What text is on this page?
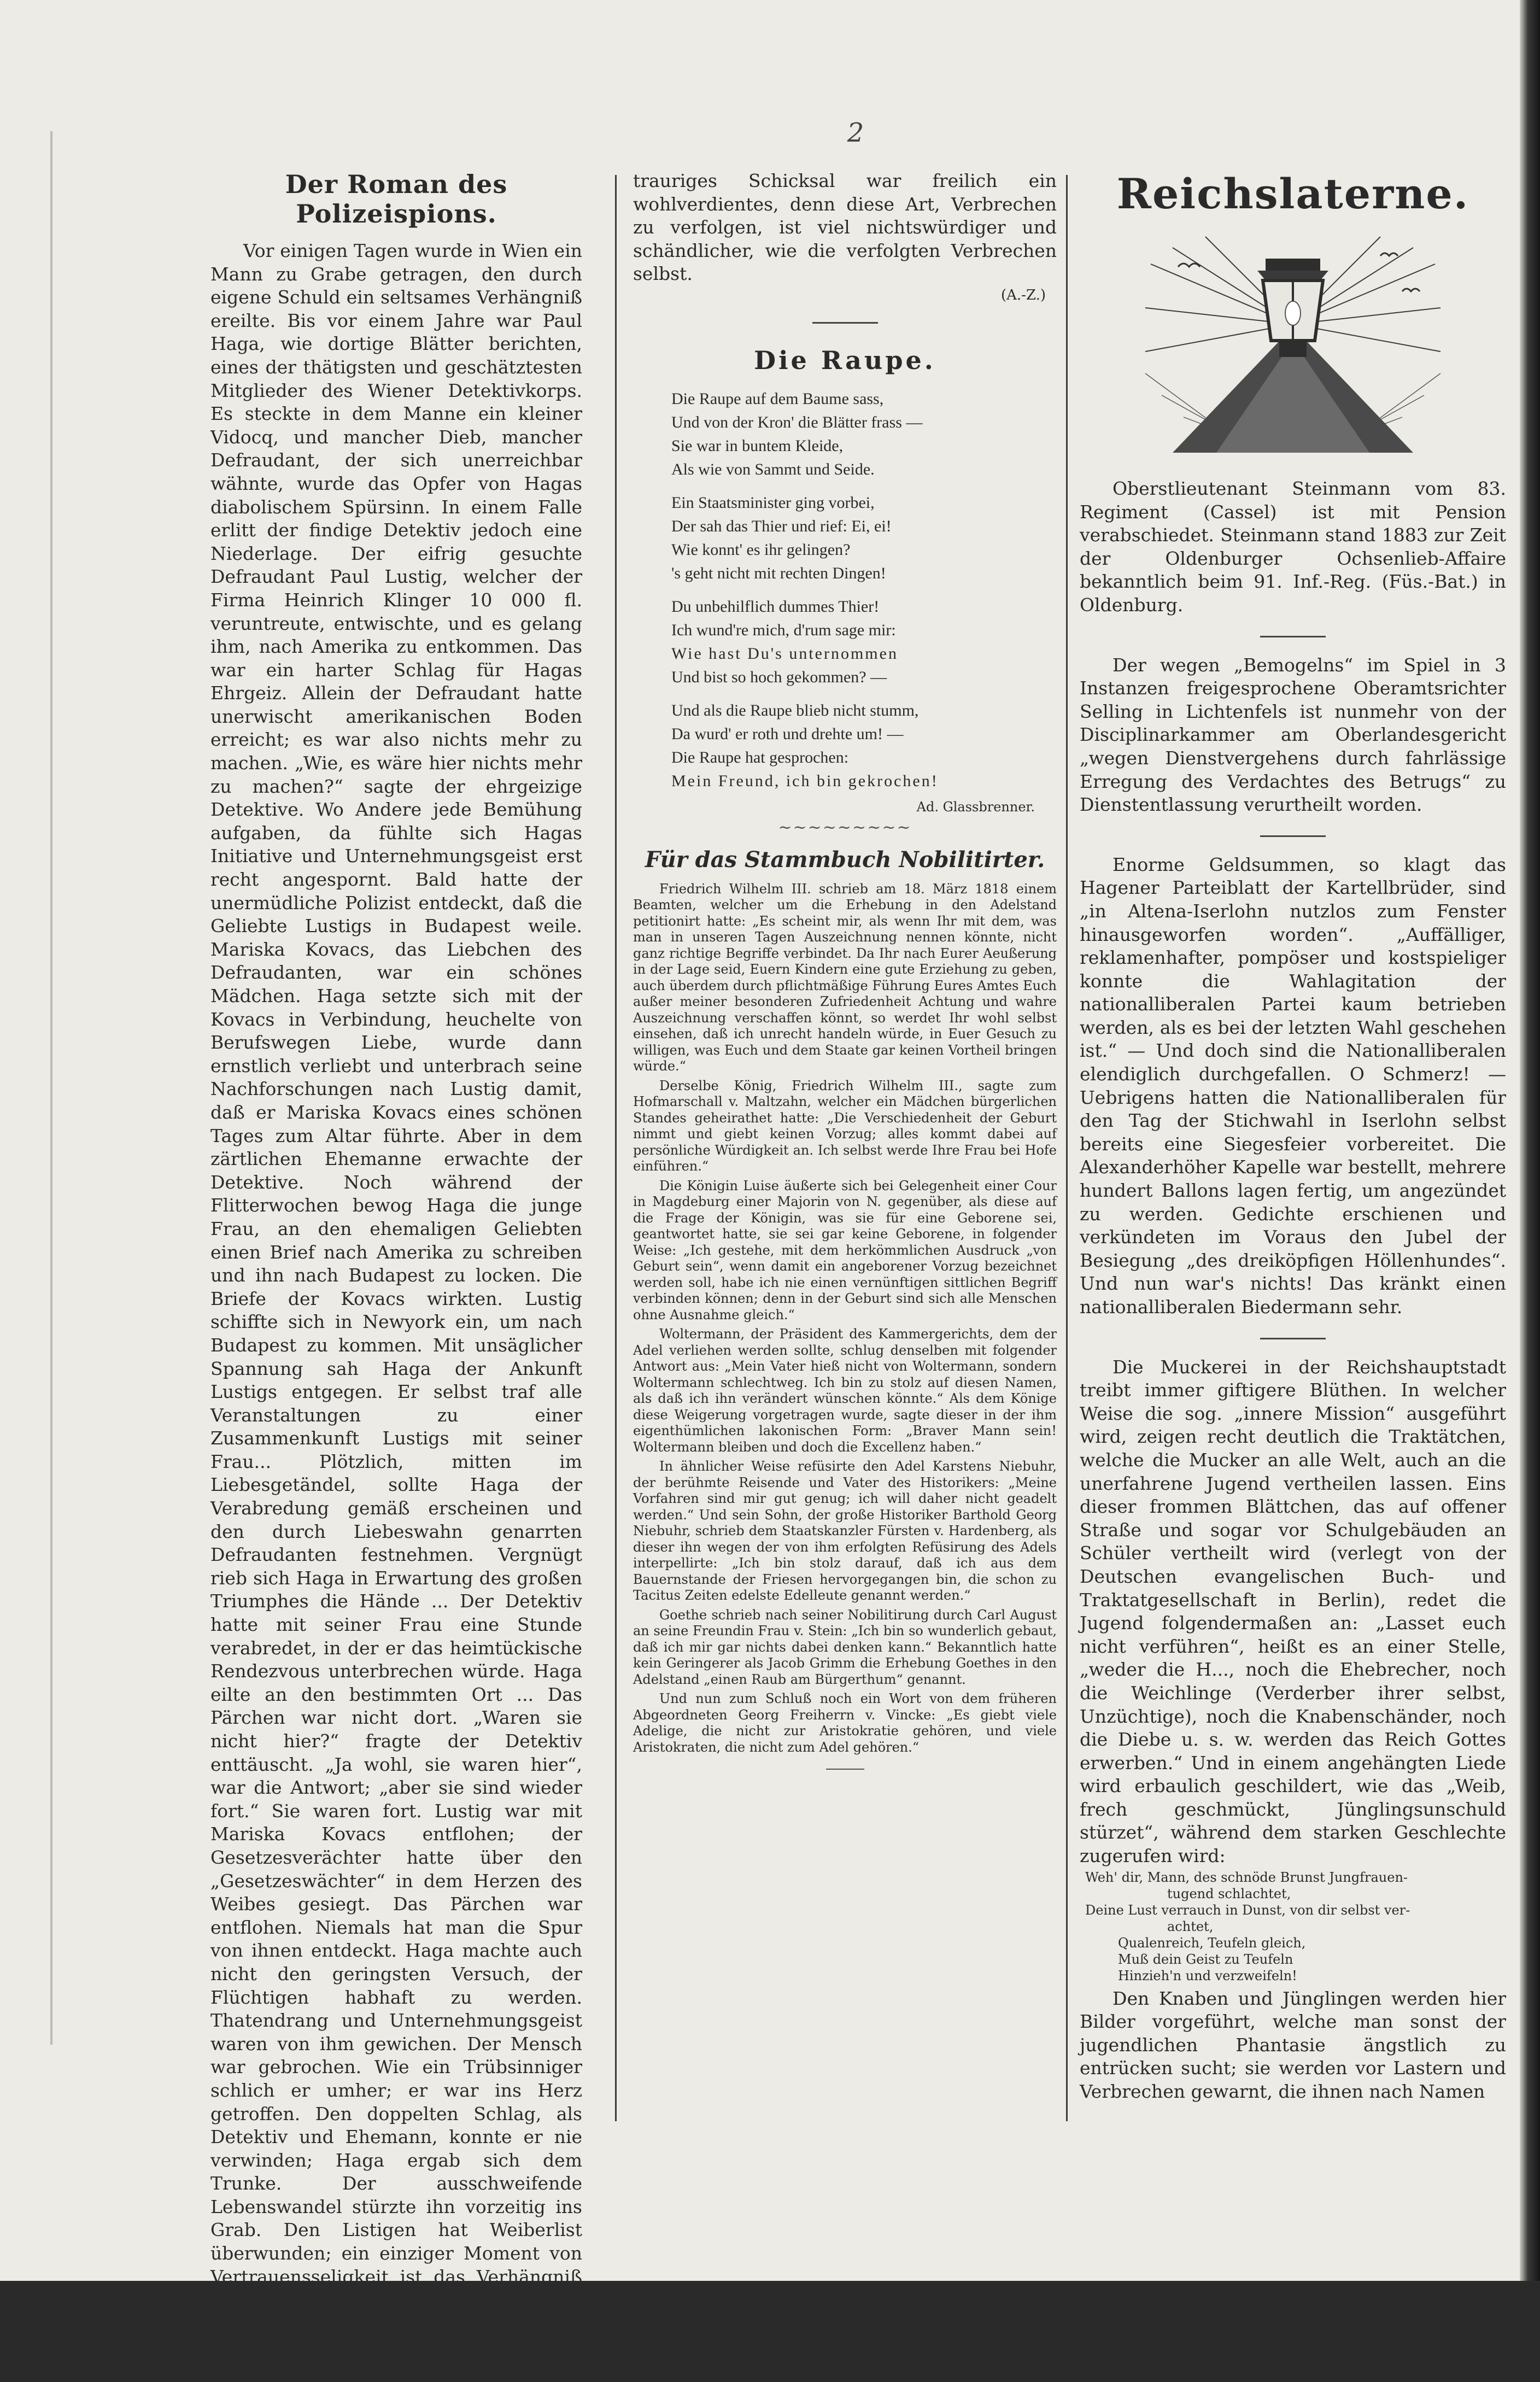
2
Der Roman des Polizeispions.

Vor einigen Tagen wurde in Wien ein Mann zu Grabe getragen, den durch eigene Schuld ein seltsames Verhängniß ereilte. Bis vor einem Jahre war Paul Haga, wie dortige Blätter berichten, eines der thätigsten und geschätztesten Mitglieder des Wiener Detektivkorps. Es steckte in dem Manne ein kleiner Vidocq, und mancher Dieb, mancher Defraudant, der sich unerreichbar wähnte, wurde das Opfer von Hagas diabolischem Spürsinn. In einem Falle erlitt der findige Detektiv jedoch eine Niederlage. Der eifrig gesuchte Defraudant Paul Lustig, welcher der Firma Heinrich Klinger 10 000 fl. veruntreute, entwischte, und es gelang ihm, nach Amerika zu entkommen. Das war ein harter Schlag für Hagas Ehrgeiz. Allein der Defraudant hatte unerwischt amerikanischen Boden erreicht; es war also nichts mehr zu machen. „Wie, es wäre hier nichts mehr zu machen?“ sagte der ehrgeizige Detektive. Wo Andere jede Bemühung aufgaben, da fühlte sich Hagas Initiative und Unternehmungsgeist erst recht angespornt. Bald hatte der unermüdliche Polizist entdeckt, daß die Geliebte Lustigs in Budapest weile. Mariska Kovacs, das Liebchen des Defraudanten, war ein schönes Mädchen. Haga setzte sich mit der Kovacs in Verbindung, heuchelte von Berufswegen Liebe, wurde dann ernstlich verliebt und unterbrach seine Nachforschungen nach Lustig damit, daß er Mariska Kovacs eines schönen Tages zum Altar führte. Aber in dem zärtlichen Ehemanne erwachte der Detektive. Noch während der Flitterwochen bewog Haga die junge Frau, an den ehemaligen Geliebten einen Brief nach Amerika zu schreiben und ihn nach Budapest zu locken. Die Briefe der Kovacs wirkten. Lustig schiffte sich in Newyork ein, um nach Budapest zu kommen. Mit unsäglicher Spannung sah Haga der Ankunft Lustigs entgegen. Er selbst traf alle Veranstaltungen zu einer Zusammenkunft Lustigs mit seiner Frau... Plötzlich, mitten im Liebesgetändel, sollte Haga der Verabredung gemäß erscheinen und den durch Liebeswahn genarrten Defraudanten festnehmen. Vergnügt rieb sich Haga in Erwartung des großen Triumphes die Hände ... Der Detektiv hatte mit seiner Frau eine Stunde verabredet, in der er das heimtückische Rendezvous unterbrechen würde. Haga eilte an den bestimmten Ort ... Das Pärchen war nicht dort. „Waren sie nicht hier?“ fragte der Detektiv enttäuscht. „Ja wohl, sie waren hier“, war die Antwort; „aber sie sind wieder fort.“ Sie waren fort. Lustig war mit Mariska Kovacs entflohen; der Gesetzesverächter hatte über den „Gesetzeswächter“ in dem Herzen des Weibes gesiegt. Das Pärchen war entflohen. Niemals hat man die Spur von ihnen entdeckt. Haga machte auch nicht den geringsten Versuch, der Flüchtigen habhaft zu werden. Thatendrang und Unternehmungsgeist waren von ihm gewichen. Der Mensch war gebrochen. Wie ein Trübsinniger schlich er umher; er war ins Herz getroffen. Den doppelten Schlag, als Detektiv und Ehemann, konnte er nie verwinden; Haga ergab sich dem Trunke. Der ausschweifende Lebenswandel stürzte ihn vorzeitig ins Grab. Den Listigen hat Weiberlist überwunden; ein einziger Moment von Vertrauensseligkeit ist das Verhängniß des Detektivs geworden, der unter großen Theilnahmsbezeugungen seiner Kollegen zu Grabe getragen wurde. Sein

trauriges Schicksal war freilich ein wohlverdientes, denn diese Art, Verbrechen zu verfolgen, ist viel nichtswürdiger und schändlicher, wie die verfolgten Verbrechen selbst.

(A.-Z.)
Die Raupe.
Die Raupe auf dem Baume sass,
Und von der Kron' die Blätter frass —
Sie war in buntem Kleide,
Als wie von Sammt und Seide.
Ein Staatsminister ging vorbei,
Der sah das Thier und rief: Ei, ei!
Wie konnt' es ihr gelingen?
's geht nicht mit rechten Dingen!
Du unbehilflich dummes Thier!
Ich wund're mich, d'rum sage mir:
Wie hast Du's unternommen
Und bist so hoch gekommen? —
Und als die Raupe blieb nicht stumm,
Da wurd' er roth und drehte um! —
Die Raupe hat gesprochen:
Mein Freund, ich bin gekrochen!
Ad. Glassbrenner.
~~~~~~~~~
Für das Stammbuch Nobilitirter.

Friedrich Wilhelm III. schrieb am 18. März 1818 einem Beamten, welcher um die Erhebung in den Adelstand petitionirt hatte: „Es scheint mir, als wenn Ihr mit dem, was man in unseren Tagen Auszeichnung nennen könnte, nicht ganz richtige Begriffe verbindet. Da Ihr nach Eurer Aeußerung in der Lage seid, Euern Kindern eine gute Erziehung zu geben, auch überdem durch pflichtmäßige Führung Eures Amtes Euch außer meiner besonderen Zufriedenheit Achtung und wahre Auszeichnung verschaffen könnt, so werdet Ihr wohl selbst einsehen, daß ich unrecht handeln würde, in Euer Gesuch zu willigen, was Euch und dem Staate gar keinen Vortheil bringen würde.“

Derselbe König, Friedrich Wilhelm III., sagte zum Hofmarschall v. Maltzahn, welcher ein Mädchen bürgerlichen Standes geheirathet hatte: „Die Verschiedenheit der Geburt nimmt und giebt keinen Vorzug; alles kommt dabei auf persönliche Würdigkeit an. Ich selbst werde Ihre Frau bei Hofe einführen.“

Die Königin Luise äußerte sich bei Gelegenheit einer Cour in Magdeburg einer Majorin von N. gegenüber, als diese auf die Frage der Königin, was sie für eine Geborene sei, geantwortet hatte, sie sei gar keine Geborene, in folgender Weise: „Ich gestehe, mit dem herkömmlichen Ausdruck „von Geburt sein“, wenn damit ein angeborener Vorzug bezeichnet werden soll, habe ich nie einen vernünftigen sittlichen Begriff verbinden können; denn in der Geburt sind sich alle Menschen ohne Ausnahme gleich.“

Woltermann, der Präsident des Kammergerichts, dem der Adel verliehen werden sollte, schlug denselben mit folgender Antwort aus: „Mein Vater hieß nicht von Woltermann, sondern Woltermann schlechtweg. Ich bin zu stolz auf diesen Namen, als daß ich ihn verändert wünschen könnte.“ Als dem Könige diese Weigerung vorgetragen wurde, sagte dieser in der ihm eigenthümlichen lakonischen Form: „Braver Mann sein! Woltermann bleiben und doch die Excellenz haben.“

In ähnlicher Weise refüsirte den Adel Karstens Niebuhr, der berühmte Reisende und Vater des Historikers: „Meine Vorfahren sind mir gut genug; ich will daher nicht geadelt werden.“ Und sein Sohn, der große Historiker Barthold Georg Niebuhr, schrieb dem Staatskanzler Fürsten v. Hardenberg, als dieser ihn wegen der von ihm erfolgten Refüsirung des Adels interpellirte: „Ich bin stolz darauf, daß ich aus dem Bauernstande der Friesen hervorgegangen bin, die schon zu Tacitus Zeiten edelste Edelleute genannt werden.“

Goethe schrieb nach seiner Nobilitirung durch Carl August an seine Freundin Frau v. Stein: „Ich bin so wunderlich gebaut, daß ich mir gar nichts dabei denken kann.“ Bekanntlich hatte kein Geringerer als Jacob Grimm die Erhebung Goethes in den Adelstand „einen Raub am Bürgerthum“ genannt.

Und nun zum Schluß noch ein Wort von dem früheren Abgeordneten Georg Freiherrn v. Vincke: „Es giebt viele Adelige, die nicht zur Aristokratie gehören, und viele Aristokraten, die nicht zum Adel gehören.“

Reichslaterne.

Oberstlieutenant Steinmann vom 83. Regiment (Cassel) ist mit Pension verabschiedet. Steinmann stand 1883 zur Zeit der Oldenburger Ochsenlieb-Affaire bekanntlich beim 91. Inf.-Reg. (Füs.-Bat.) in Oldenburg.

Der wegen „Bemogelns“ im Spiel in 3 Instanzen freigesprochene Oberamtsrichter Selling in Lichtenfels ist nunmehr von der Disciplinarkammer am Oberlandesgericht „wegen Dienstvergehens durch fahrlässige Erregung des Verdachtes des Betrugs“ zu Dienstentlassung verurtheilt worden.

Enorme Geldsummen, so klagt das Hagener Parteiblatt der Kartellbrüder, sind „in Altena-Iserlohn nutzlos zum Fenster hinausgeworfen worden“. „Auffälliger, reklamenhafter, pompöser und kostspieliger konnte die Wahlagitation der nationalliberalen Partei kaum betrieben werden, als es bei der letzten Wahl geschehen ist.“ — Und doch sind die Nationalliberalen elendiglich durchgefallen. O Schmerz! — Uebrigens hatten die Nationalliberalen für den Tag der Stichwahl in Iserlohn selbst bereits eine Siegesfeier vorbereitet. Die Alexanderhöher Kapelle war bestellt, mehrere hundert Ballons lagen fertig, um angezündet zu werden. Gedichte erschienen und verkündeten im Voraus den Jubel der Besiegung „des dreiköpfigen Höllenhundes“. Und nun war's nichts! Das kränkt einen nationalliberalen Biedermann sehr.

Die Muckerei in der Reichshauptstadt treibt immer giftigere Blüthen. In welcher Weise die sog. „innere Mission“ ausgeführt wird, zeigen recht deutlich die Traktätchen, welche die Mucker an alle Welt, auch an die unerfahrene Jugend vertheilen lassen. Eins dieser frommen Blättchen, das auf offener Straße und sogar vor Schulgebäuden an Schüler vertheilt wird (verlegt von der Deutschen evangelischen Buch- und Traktatgesellschaft in Berlin), redet die Jugend folgendermaßen an: „Lasset euch nicht verführen“, heißt es an einer Stelle, „weder die H..., noch die Ehebrecher, noch die Weichlinge (Verderber ihrer selbst, Unzüchtige), noch die Knabenschänder, noch die Diebe u. s. w. werden das Reich Gottes erwerben.“ Und in einem angehängten Liede wird erbaulich geschildert, wie das „Weib, frech geschmückt, Jünglingsunschuld stürzet“, während dem starken Geschlechte zugerufen wird:

Weh' dir, Mann, des schnöde Brunst Jungfrauen-
tugend schlachtet,
Deine Lust verrauch in Dunst, von dir selbst ver-
achtet,
Qualenreich, Teufeln gleich,
Muß dein Geist zu Teufeln
Hinzieh'n und verzweifeln!

Den Knaben und Jünglingen werden hier Bilder vorgeführt, welche man sonst der jugendlichen Phantasie ängstlich zu entrücken sucht; sie werden vor Lastern und Verbrechen gewarnt, die ihnen nach Namen
